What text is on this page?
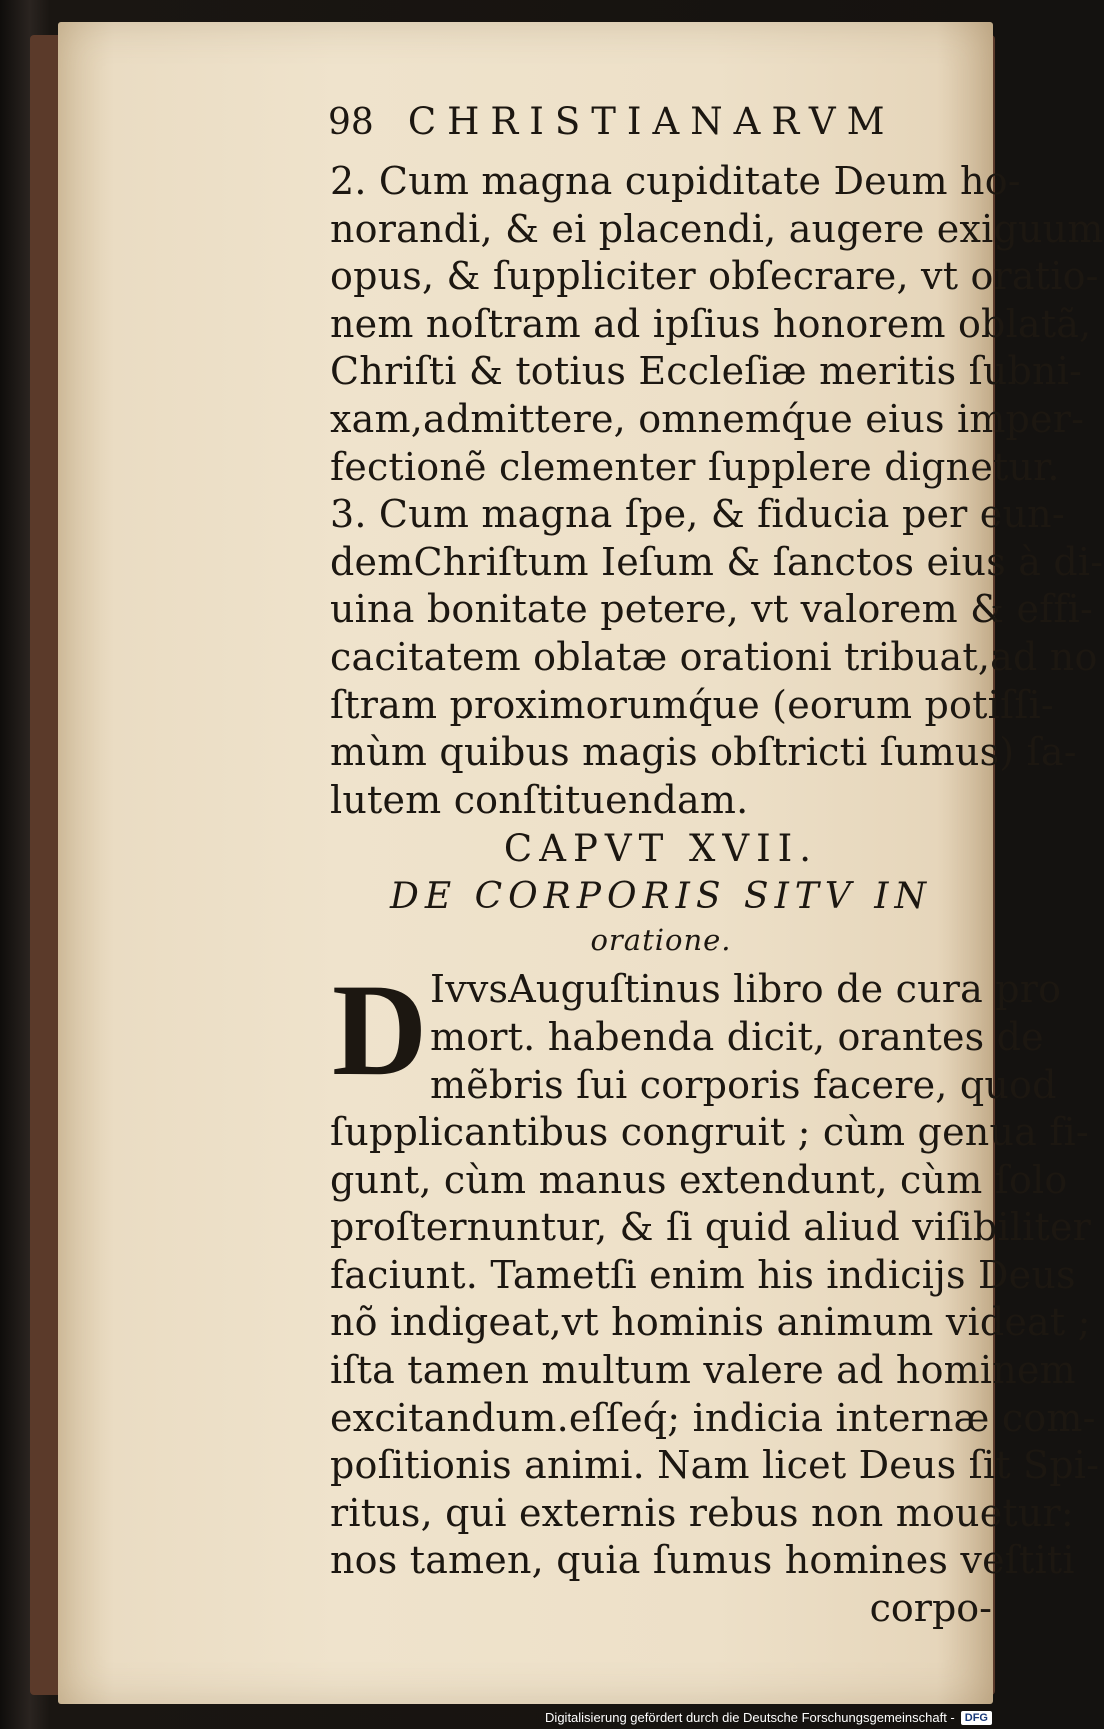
98 CHRISTIANARVM
2. Cum magna cupiditate Deum ho-
norandi, & ei placendi, augere exiguum
opus, & ſuppliciter obſecrare, vt oratio-
nem noſtram ad ipſius honorem oblatã,
Chriſti & totius Eccleſiæ meritis ſubni-
xam,admittere, omnemq́ue eius imper-
fectionẽ clementer ſupplere dignetur.
3. Cum magna ſpe, & fiducia per eun-
demChriſtum Ieſum & ſanctos eius à di-
uina bonitate petere, vt valorem & effi-
cacitatem oblatæ orationi tribuat,ad no
ſtram proximorumq́ue (eorum potiſſi-
mùm quibus magis obſtricti ſumus) ſa-
lutem conſtituendam.
CAPVT XVII.
DE CORPORIS SITV IN
oratione.
D IvvsAuguſtinus libro de cura pro
mort. habenda dicit, orantes de
mẽbris ſui corporis facere, quod
ſupplicantibus congruit ; cùm genua fi-
gunt, cùm manus extendunt, cùm ſolo
proſternuntur, & ſi quid aliud viſibiliter
faciunt. Tametſi enim his indicijs Deus
nõ indigeat,vt hominis animum videat ;
iſta tamen multum valere ad hominem
excitandum.eſſeq́; indicia internæ com-
poſitionis animi. Nam licet Deus ſit Spi-
ritus, qui externis rebus non mouetur:
nos tamen, quia ſumus homines veſtiti
corpo-
Digitalisierung gefördert durch die Deutsche Forschungsgemeinschaft - DFG
